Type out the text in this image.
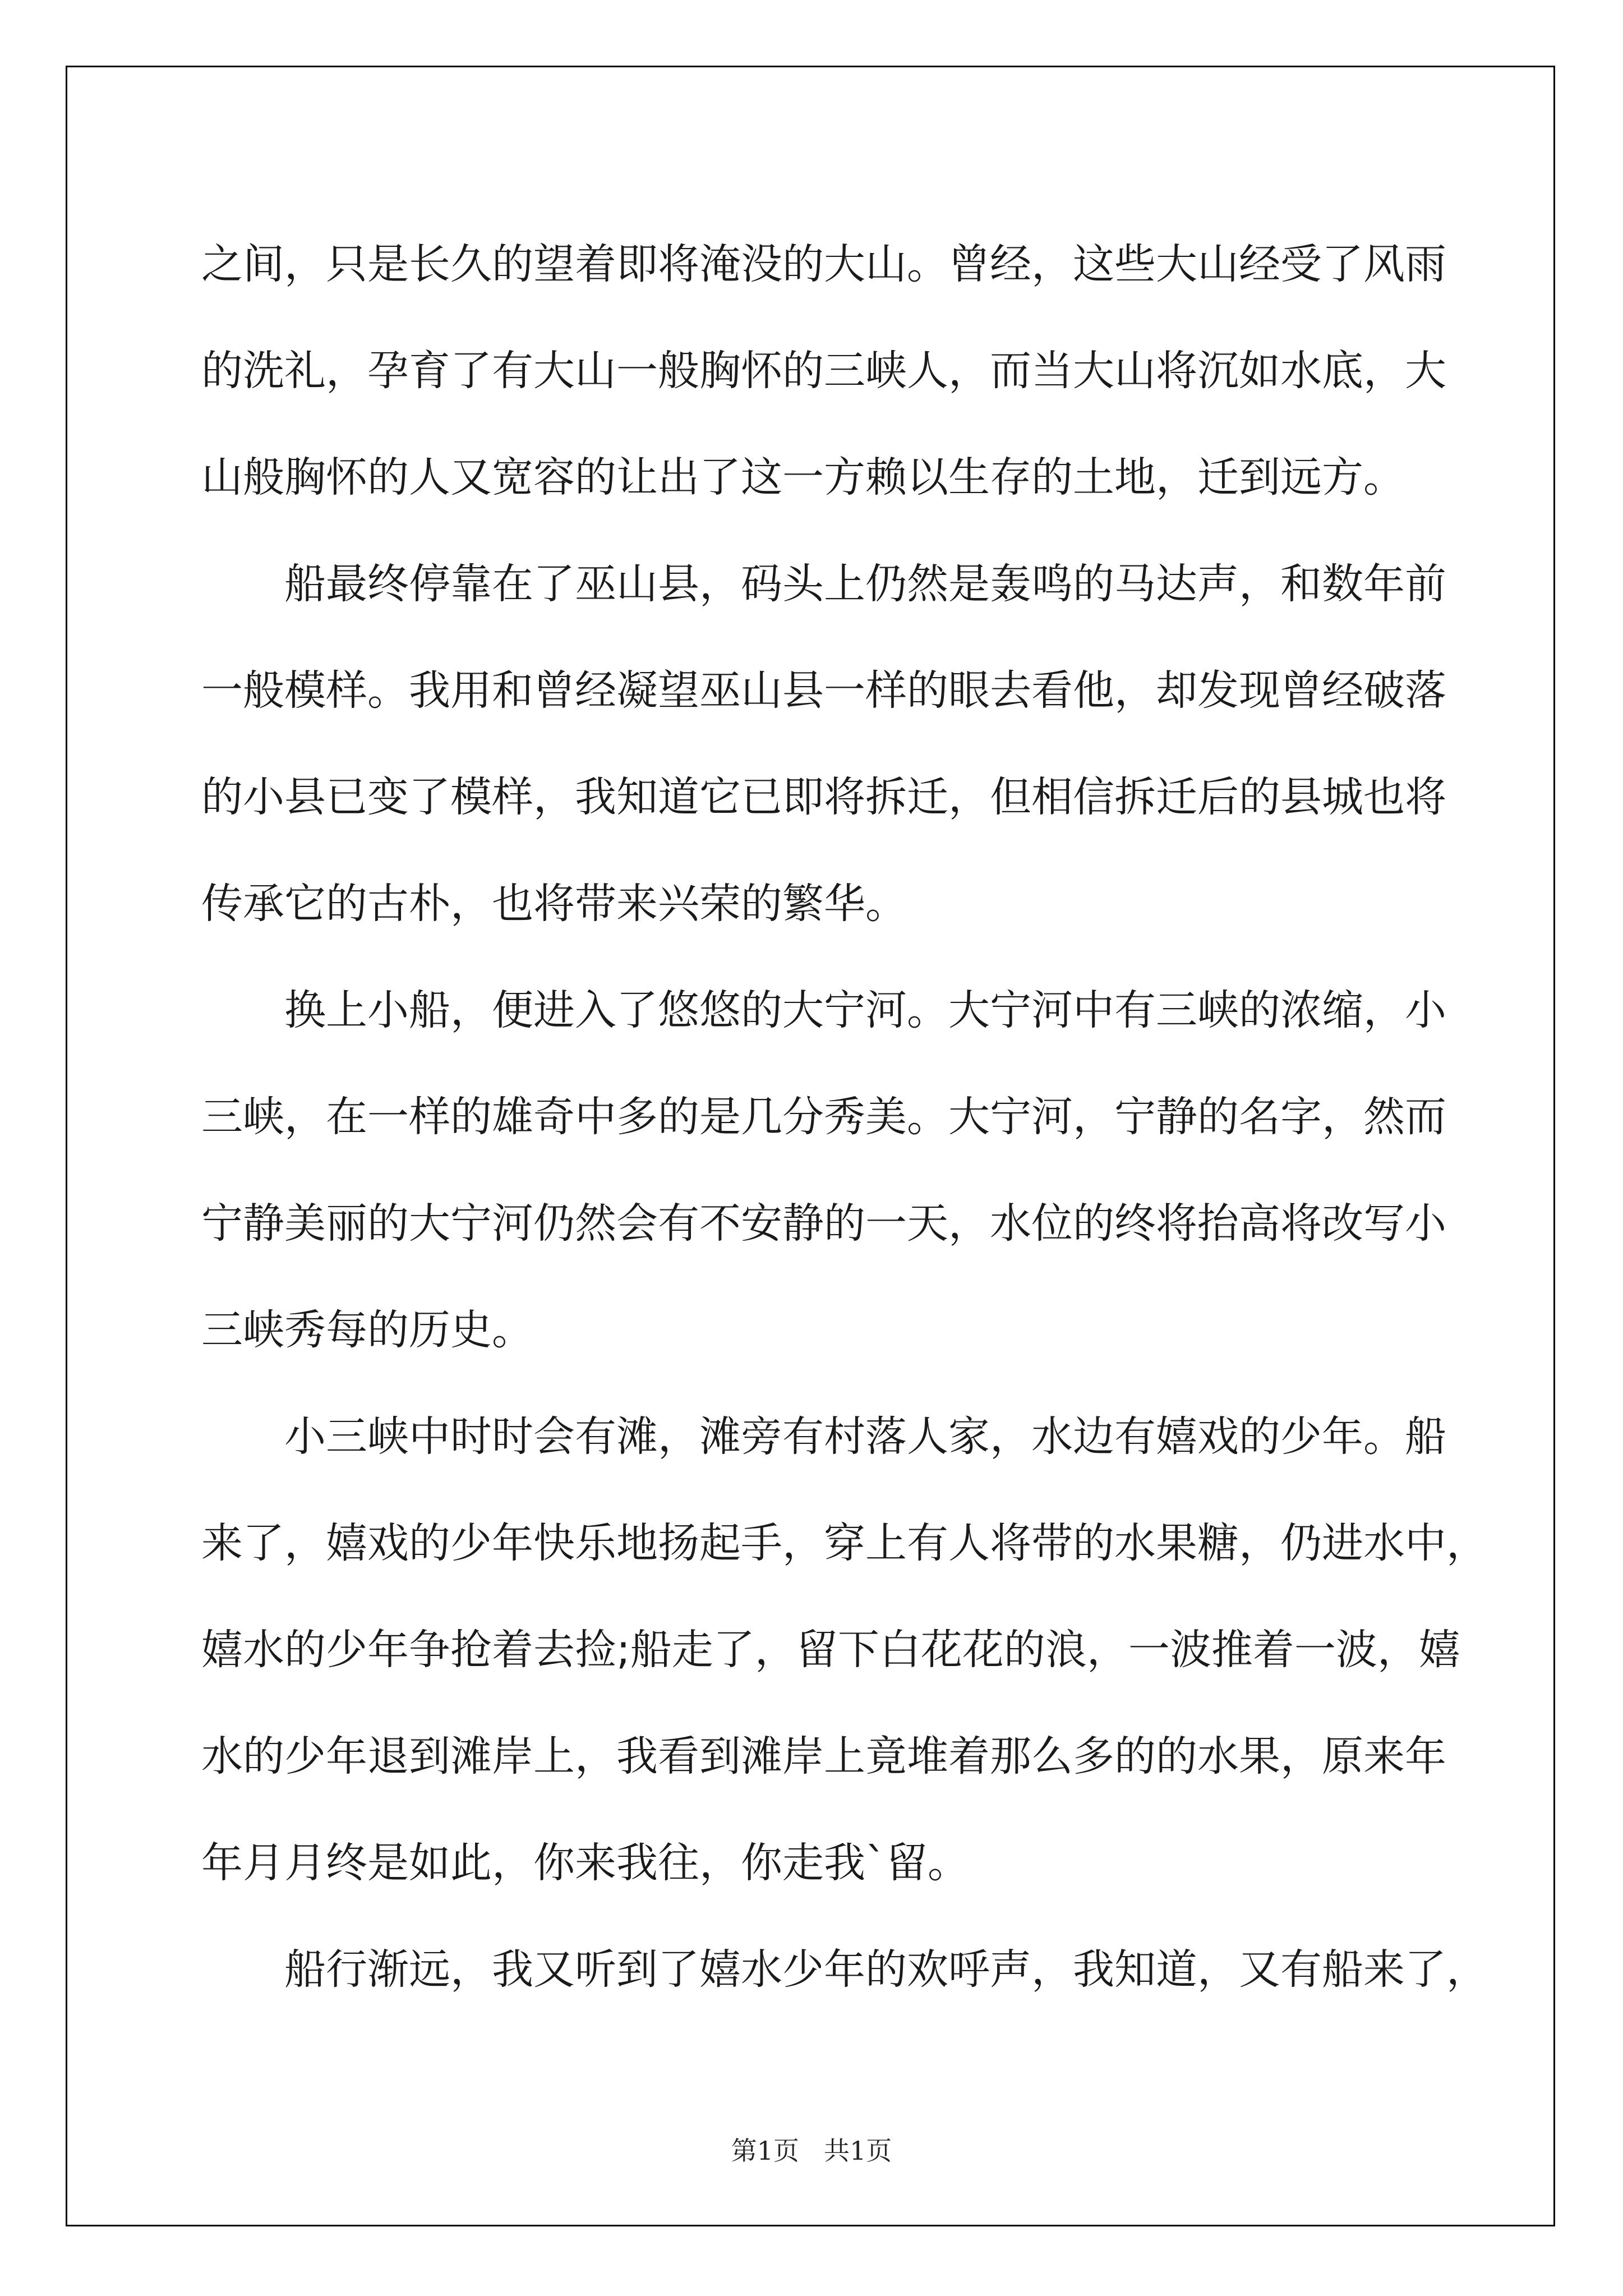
之间，只是长久的望着即将淹没的大山。曾经，这些大山经受了风雨
的洗礼，孕育了有大山一般胸怀的三峡人，而当大山将沉如水底，大
山般胸怀的人又宽容的让出了这一方赖以生存的土地，迁到远方。
船最终停靠在了巫山县，码头上仍然是轰鸣的马达声，和数年前
一般模样。我用和曾经凝望巫山县一样的眼去看他，却发现曾经破落
的小县已变了模样，我知道它已即将拆迁，但相信拆迁后的县城也将
传承它的古朴，也将带来兴荣的繁华。
换上小船，便进入了悠悠的大宁河。大宁河中有三峡的浓缩，小
三峡，在一样的雄奇中多的是几分秀美。大宁河，宁静的名字，然而
宁静美丽的大宁河仍然会有不安静的一天，水位的终将抬高将改写小
三峡秀每的历史。
小三峡中时时会有滩，滩旁有村落人家，水边有嬉戏的少年。船
来了，嬉戏的少年快乐地扬起手，穿上有人将带的水果糖，仍进水中，
嬉水的少年争抢着去捡;船走了，留下白花花的浪，一波推着一波，嬉
水的少年退到滩岸上，我看到滩岸上竟堆着那么多的的水果，原来年
年月月终是如此，你来我往，你走我`留。
船行渐远，我又听到了嬉水少年的欢呼声，我知道，又有船来了，
第1页 共1页
